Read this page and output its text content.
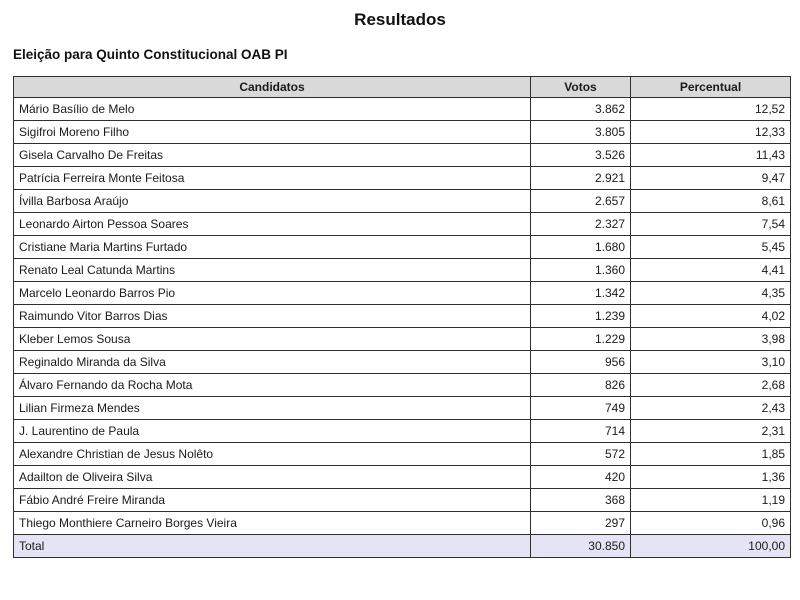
Resultados
Eleição para Quinto Constitucional OAB PI
Candidatos	Votos	Percentual
Mário Basílio de Melo	3.862	12,52
Sigifroi Moreno Filho	3.805	12,33
Gisela Carvalho De Freitas	3.526	11,43
Patrícia Ferreira Monte Feitosa	2.921	9,47
Ívilla Barbosa Araújo	2.657	8,61
Leonardo Airton Pessoa Soares	2.327	7,54
Cristiane Maria Martins Furtado	1.680	5,45
Renato Leal Catunda Martins	1.360	4,41
Marcelo Leonardo Barros Pio	1.342	4,35
Raimundo Vitor Barros Dias	1.239	4,02
Kleber Lemos Sousa	1.229	3,98
Reginaldo Miranda da Silva	956	3,10
Álvaro Fernando da Rocha Mota	826	2,68
Lilian Firmeza Mendes	749	2,43
J. Laurentino de Paula	714	2,31
Alexandre Christian de Jesus Nolêto	572	1,85
Adailton de Oliveira Silva	420	1,36
Fábio André Freire Miranda	368	1,19
Thiego Monthiere Carneiro Borges Vieira	297	0,96
Total	30.850	100,00
